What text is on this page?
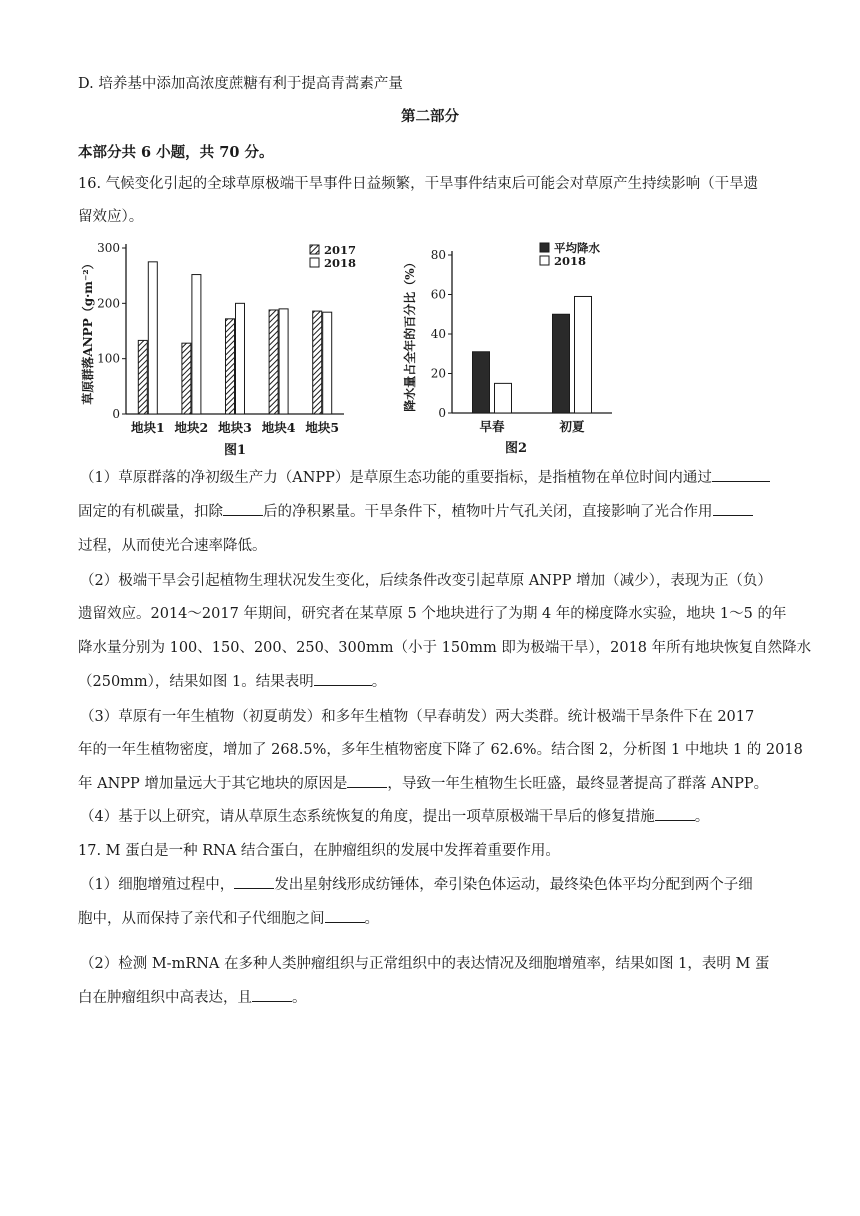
D. 培养基中添加高浓度蔗糖有利于提高青蒿素产量
第二部分
本部分共 6 小题，共 70 分。
16. 气候变化引起的全球草原极端干旱事件日益频繁，干旱事件结束后可能会对草原产生持续影响（干旱遗
留效应）。
0
100
200
300
草原群落ANPP（g·m⁻²）
地块1 地块2 地块3 地块4 地块5
2017
2018
图1
0
20
40
60
80
降水量占全年的百分比（%）
早春	初夏
平均降水
2018
图2
（1）草原群落的净初级生产力（ANPP）是草原生态功能的重要指标，是指植物在单位时间内通过
固定的有机碳量，扣除	后的净积累量。干旱条件下，植物叶片气孔关闭，直接影响了光合作用
过程，从而使光合速率降低。
（2）极端干旱会引起植物生理状况发生变化，后续条件改变引起草原 ANPP 增加（减少），表现为正（负）
遗留效应。2014～2017 年期间，研究者在某草原 5 个地块进行了为期 4 年的梯度降水实验，地块 1～5 的年
降水量分别为 100、150、200、250、300mm（小于 150mm 即为极端干旱），2018 年所有地块恢复自然降水
（250mm），结果如图 1。结果表明	。
（3）草原有一年生植物（初夏萌发）和多年生植物（早春萌发）两大类群。统计极端干旱条件下在 2017
年的一年生植物密度，增加了 268.5%，多年生植物密度下降了 62.6%。结合图 2，分析图 1 中地块 1 的 2018
年 ANPP 增加量远大于其它地块的原因是	，导致一年生植物生长旺盛，最终显著提高了群落 ANPP。
（4）基于以上研究，请从草原生态系统恢复的角度，提出一项草原极端干旱后的修复措施	。
17. M 蛋白是一种 RNA 结合蛋白，在肿瘤组织的发展中发挥着重要作用。
（1）细胞增殖过程中，	发出星射线形成纺锤体，牵引染色体运动，最终染色体平均分配到两个子细
胞中，从而保持了亲代和子代细胞之间	。
（2）检测 M-mRNA 在多种人类肿瘤组织与正常组织中的表达情况及细胞增殖率，结果如图 1，表明 M 蛋
白在肿瘤组织中高表达，且	。
